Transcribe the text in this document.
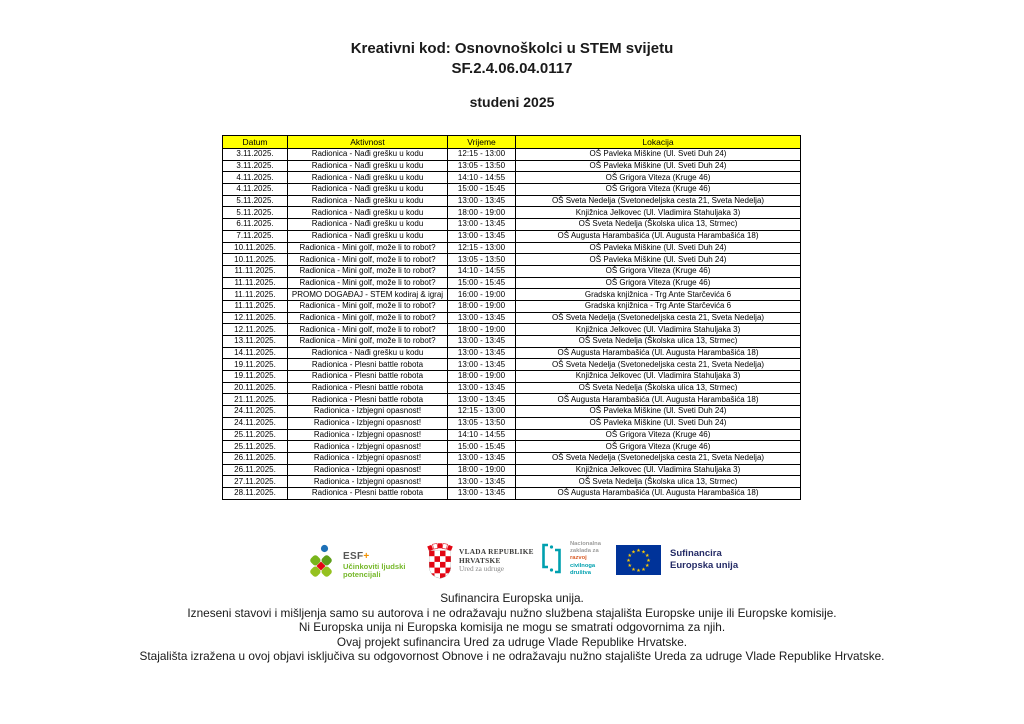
Kreativni kod: Osnovnoškolci u STEM svijetu
SF.2.4.06.04.0117
studeni 2025
Datum	Aktivnost	Vrijeme	Lokacija
3.11.2025.	Radionica - Nađi grešku u kodu	12:15 - 13:00	OŠ Pavleka Miškine (Ul. Sveti Duh 24)
3.11.2025.	Radionica - Nađi grešku u kodu	13:05 - 13:50	OŠ Pavleka Miškine (Ul. Sveti Duh 24)
4.11.2025.	Radionica - Nađi grešku u kodu	14:10 - 14:55	OŠ Grigora Viteza (Kruge 46)
4.11.2025.	Radionica - Nađi grešku u kodu	15:00 - 15:45	OŠ Grigora Viteza (Kruge 46)
5.11.2025.	Radionica - Nađi grešku u kodu	13:00 - 13:45	OŠ Sveta Nedelja (Svetonedeljska cesta 21, Sveta Nedelja)
5.11.2025.	Radionica - Nađi grešku u kodu	18:00 - 19:00	Knjižnica Jelkovec (Ul. Vladimira Stahuljaka 3)
6.11.2025.	Radionica - Nađi grešku u kodu	13:00 - 13:45	OŠ Sveta Nedelja (Školska ulica 13, Strmec)
7.11.2025.	Radionica - Nađi grešku u kodu	13:00 - 13:45	OŠ Augusta Harambašića (Ul. Augusta Harambašića 18)
10.11.2025.	Radionica - Mini golf, može li to robot?	12:15 - 13:00	OŠ Pavleka Miškine (Ul. Sveti Duh 24)
10.11.2025.	Radionica - Mini golf, može li to robot?	13:05 - 13:50	OŠ Pavleka Miškine (Ul. Sveti Duh 24)
11.11.2025.	Radionica - Mini golf, može li to robot?	14:10 - 14:55	OŠ Grigora Viteza (Kruge 46)
11.11.2025.	Radionica - Mini golf, može li to robot?	15:00 - 15:45	OŠ Grigora Viteza (Kruge 46)
11.11.2025.	PROMO DOGAĐAJ - STEM kodiraj & igraj	16:00 - 19:00	Gradska knjižnica - Trg Ante Starčevića 6
11.11.2025.	Radionica - Mini golf, može li to robot?	18:00 - 19:00	Gradska knjižnica - Trg Ante Starčevića 6
12.11.2025.	Radionica - Mini golf, može li to robot?	13:00 - 13:45	OŠ Sveta Nedelja (Svetonedeljska cesta 21, Sveta Nedelja)
12.11.2025.	Radionica - Mini golf, može li to robot?	18:00 - 19:00	Knjižnica Jelkovec (Ul. Vladimira Stahuljaka 3)
13.11.2025.	Radionica - Mini golf, može li to robot?	13:00 - 13:45	OŠ Sveta Nedelja (Školska ulica 13, Strmec)
14.11.2025.	Radionica - Nađi grešku u kodu	13:00 - 13:45	OŠ Augusta Harambašića (Ul. Augusta Harambašića 18)
19.11.2025.	Radionica - Plesni battle robota	13:00 - 13:45	OŠ Sveta Nedelja (Svetonedeljska cesta 21, Sveta Nedelja)
19.11.2025.	Radionica - Plesni battle robota	18:00 - 19:00	Knjižnica Jelkovec (Ul. Vladimira Stahuljaka 3)
20.11.2025.	Radionica - Plesni battle robota	13:00 - 13:45	OŠ Sveta Nedelja (Školska ulica 13, Strmec)
21.11.2025.	Radionica - Plesni battle robota	13:00 - 13:45	OŠ Augusta Harambašića (Ul. Augusta Harambašića 18)
24.11.2025.	Radionica - Izbjegni opasnost!	12:15 - 13:00	OŠ Pavleka Miškine (Ul. Sveti Duh 24)
24.11.2025.	Radionica - Izbjegni opasnost!	13:05 - 13:50	OŠ Pavleka Miškine (Ul. Sveti Duh 24)
25.11.2025.	Radionica - Izbjegni opasnost!	14:10 - 14:55	OŠ Grigora Viteza (Kruge 46)
25.11.2025.	Radionica - Izbjegni opasnost!	15:00 - 15:45	OŠ Grigora Viteza (Kruge 46)
26.11.2025.	Radionica - Izbjegni opasnost!	13:00 - 13:45	OŠ Sveta Nedelja (Svetonedeljska cesta 21, Sveta Nedelja)
26.11.2025.	Radionica - Izbjegni opasnost!	18:00 - 19:00	Knjižnica Jelkovec (Ul. Vladimira Stahuljaka 3)
27.11.2025.	Radionica - Izbjegni opasnost!	13:00 - 13:45	OŠ Sveta Nedelja (Školska ulica 13, Strmec)
28.11.2025.	Radionica - Plesni battle robota	13:00 - 13:45	OŠ Augusta Harambašića (Ul. Augusta Harambašića 18)
ESF+
Učinkoviti ljudski
potencijali
VLADA REPUBLIKE
HRVATSKE
Ured za udruge
Nacionalna
zaklada za
razvoj
civilnoga
društva
★ ★
★
★
★
★
★
★
★
★
★
★	Sufinancira
Europska unija
Sufinancira Europska unija.
Izneseni stavovi i mišljenja samo su autorova i ne odražavaju nužno službena stajališta Europske unije ili Europske komisije.
Ni Europska unija ni Europska komisija ne mogu se smatrati odgovornima za njih.
Ovaj projekt sufinancira Ured za udruge Vlade Republike Hrvatske.
Stajališta izražena u ovoj objavi isključiva su odgovornost Obnove i ne odražavaju nužno stajalište Ureda za udruge Vlade Republike Hrvatske.
